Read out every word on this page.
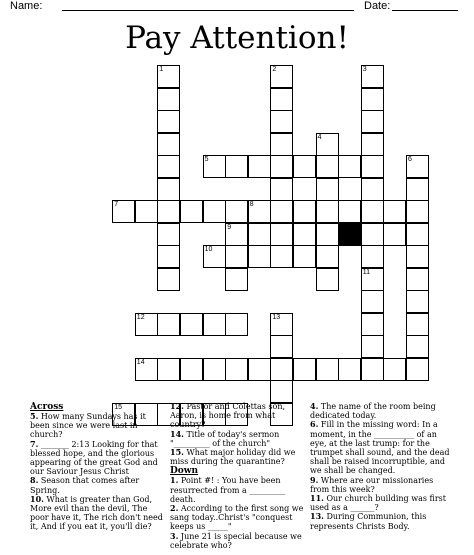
Name:	Date:
Pay Attention!
1	2	3
4
5	6
7	8
9
10
11
12	13
14
15
Across
5. How many Sundays has it been since we were last in church?
7. _______ 2:13 Looking for that blessed hope, and the glorious appearing of the great God and our Saviour Jesus Christ
8. Season that comes after Spring.
10. What is greater than God, More evil than the devil, The poor have it, The rich don't need it, And if you eat it, you'll die?
12. Pastor and Colettas son, Aaron, is home from what country?
14. Title of today's sermon "_________ of the church"
15. What major holiday did we miss during the quarantine?
Down
1. Point #! : You have been resurrected from a _________ death.
2. According to the first song we sang today..Christ's "conquest keeps us _____"
3. June 21 is special because we celebrate who?
4. The name of the room being dedicated today.
6. Fill in the missing word: In a moment, in the __________ of an eye, at the last trump: for the trumpet shall sound, and the dead shall be raised incorruptible, and we shall be changed.
9. Where are our missionaries from this week?
11. Our church building was first used as a ______?
13. During Communion, this represents Christs Body.
